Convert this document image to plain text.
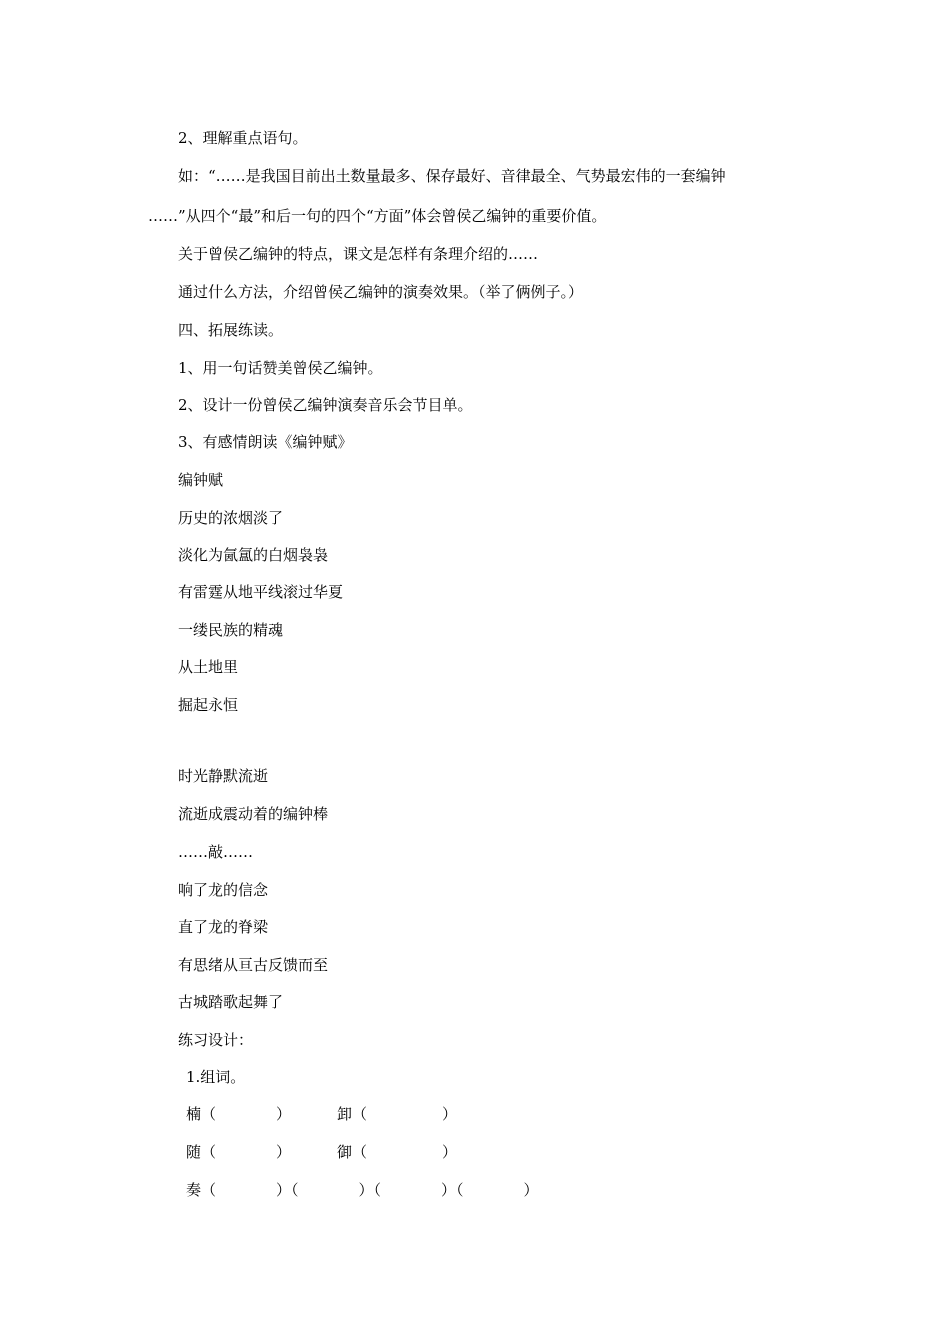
2、理解重点语句。
如：“……是我国目前出土数量最多、保存最好、音律最全、气势最宏伟的一套编钟
……”从四个“最”和后一句的四个“方面”体会曾侯乙编钟的重要价值。
关于曾侯乙编钟的特点，课文是怎样有条理介绍的……
通过什么方法，介绍曾侯乙编钟的演奏效果。（举了俩例子。）
四、拓展练读。
1、用一句话赞美曾侯乙编钟。
2、设计一份曾侯乙编钟演奏音乐会节目单。
3、有感情朗读《编钟赋》
编钟赋
历史的浓烟淡了
淡化为氤氲的白烟袅袅
有雷霆从地平线滚过华夏
一缕民族的精魂
从土地里
掘起永恒
时光静默流逝
流逝成震动着的编钟棒
……敲……
响了龙的信念
直了龙的脊梁
有思绪从亘古反馈而至
古城踏歌起舞了
练习设计：
1.组词。
楠（　　　　）	卸（　　　　　）
随（　　　　）	御（　　　　　）
奏（　　　　）（　　　　）（　　　　）（　　　　）
